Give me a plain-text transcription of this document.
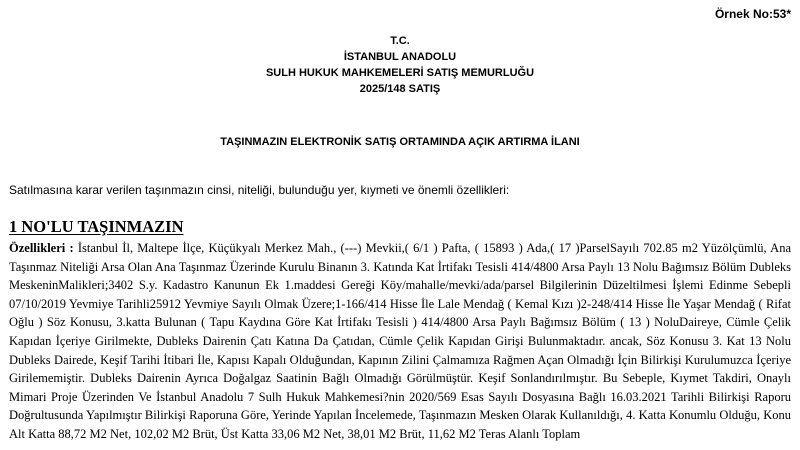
Örnek No:53*
T.C.
İSTANBUL ANADOLU
SULH HUKUK MAHKEMELERİ SATIŞ MEMURLUĞU
2025/148 SATIŞ
TAŞINMAZIN ELEKTRONİK SATIŞ ORTAMINDA AÇIK ARTIRMA İLANI
Satılmasına karar verilen taşınmazın cinsi, niteliği, bulunduğu yer, kıymeti ve önemli özellikleri:
1 NO'LU TAŞINMAZIN
Özellikleri : İstanbul İl, Maltepe İlçe, Küçükyalı Merkez Mah., (---) Mevkii,( 6/1 ) Pafta, ( 15893 ) Ada,( 17 )ParselSayılı 702.85 m2 Yüzölçümlü, Ana Taşınmaz Niteliği Arsa Olan Ana Taşınmaz Üzerinde Kurulu Binanın 3. Katında Kat İrtifakı Tesisli 414/4800 Arsa Paylı 13 Nolu Bağımsız Bölüm Dubleks MeskeninMalikleri;3402 S.y. Kadastro Kanunun Ek 1.maddesi Gereği Köy/mahalle/mevki/ada/parsel Bilgilerinin Düzeltilmesi İşlemi Edinme Sebepli 07/10/2019 Yevmiye Tarihli25912 Yevmiye Sayılı Olmak Üzere;1-166/414 Hisse İle Lale Mendağ ( Kemal Kızı )2-248/414 Hisse İle Yaşar Mendağ ( Rifat Oğlu ) Söz Konusu, 3.katta Bulunan ( Tapu Kaydına Göre Kat İrtifakı Tesisli ) 414/4800 Arsa Paylı Bağımsız Bölüm ( 13 ) NoluDaireye, Cümle Çelik Kapıdan İçeriye Girilmekte, Dubleks Dairenin Çatı Katına Da Çatıdan, Cümle Çelik Kapıdan Girişi Bulunmaktadır. ancak, Söz Konusu 3. Kat 13 Nolu Dubleks Dairede, Keşif Tarihi İtibari İle, Kapısı Kapalı Olduğundan, Kapının Zilini Çalmamıza Rağmen Açan Olmadığı İçin Bilirkişi Kurulumuzca İçeriye Girilememiştir. Dubleks Dairenin Ayrıca Doğalgaz Saatinin Bağlı Olmadığı Görülmüştür. Keşif Sonlandırılmıştır. Bu Sebeple, Kıymet Takdiri, Onaylı Mimari Proje Üzerinden Ve İstanbul Anadolu 7 Sulh Hukuk Mahkemesi?nin 2020/569 Esas Sayılı Dosyasına Bağlı 16.03.2021 Tarihli Bilirkişi Raporu Doğrultusunda Yapılmıştır Bilirkişi Raporuna Göre, Yerinde Yapılan İncelemede, Taşınmazın Mesken Olarak Kullanıldığı, 4. Katta Konumlu Olduğu, Konu Alt Katta 88,72 M2 Net, 102,02 M2 Brüt, Üst Katta 33,06 M2 Net, 38,01 M2 Brüt, 11,62 M2 Teras Alanlı Toplam
